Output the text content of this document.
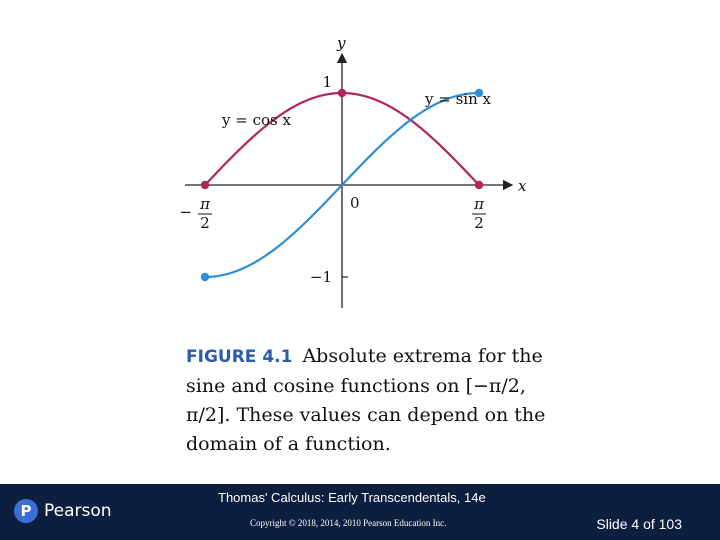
x
y
1
−1
− π
2
0	π
2
y = cos x
y = sin x
FIGURE 4.1 Absolute extrema for the sine and cosine functions on [−π/2, π/2]. These values can depend on the domain of a function.
P Pearson
Thomas' Calculus: Early Transcendentals, 14e
Copyright © 2018, 2014, 2010 Pearson Education Inc.	Slide 4 of 103
